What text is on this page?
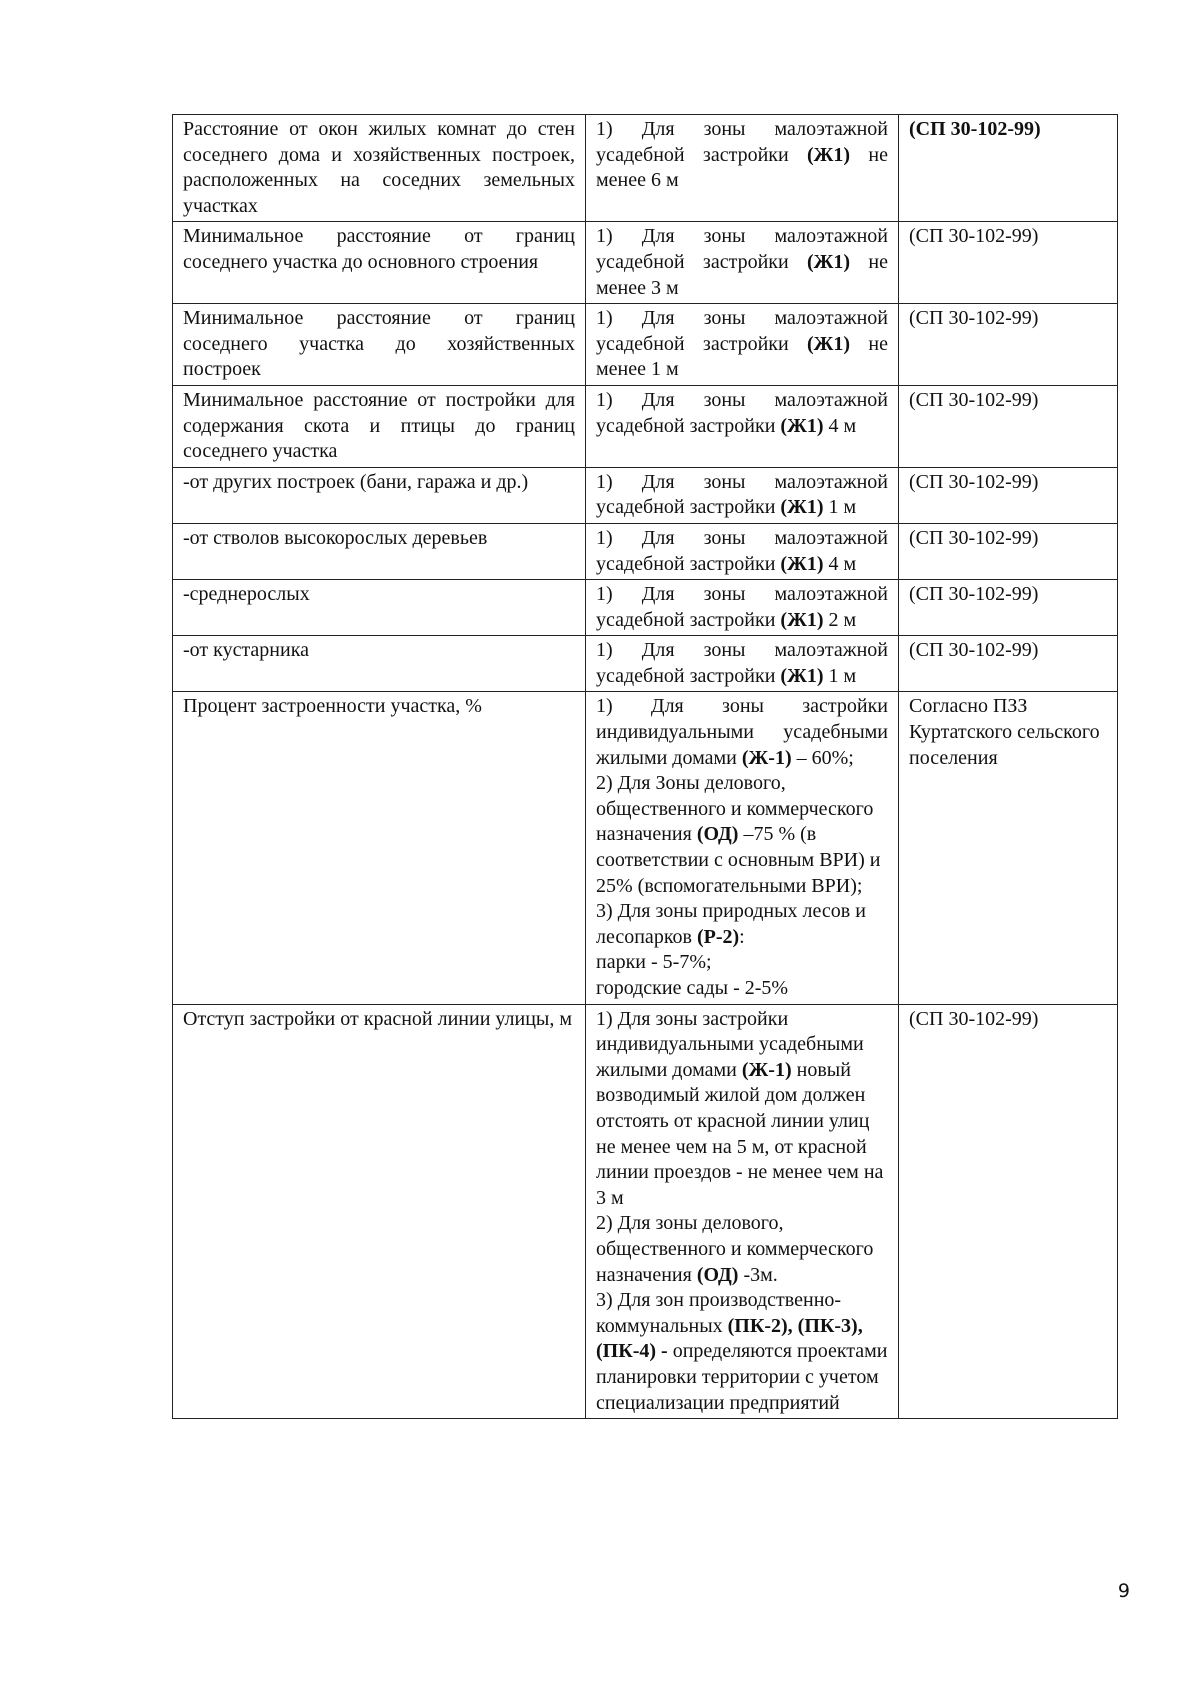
Расстояние от окон жилых комнат до стен соседнего дома и хозяйственных построек, расположенных на соседних земельных участках	1) Для зоны малоэтажной усадебной застройки (Ж1) не менее 6 м	(СП 30-102-99)
Минимальное расстояние от границ соседнего участка до основного строения	1) Для зоны малоэтажной усадебной застройки (Ж1) не менее 3 м	(СП 30-102-99)
Минимальное расстояние от границ соседнего участка до хозяйственных построек	1) Для зоны малоэтажной усадебной застройки (Ж1) не менее 1 м	(СП 30-102-99)
Минимальное расстояние от постройки для содержания скота и птицы до границ соседнего участка	1) Для зоны малоэтажной усадебной застройки (Ж1) 4 м	(СП 30-102-99)
-от других построек (бани, гаража и др.)	1) Для зоны малоэтажной усадебной застройки (Ж1) 1 м	(СП 30-102-99)
-от стволов высокорослых деревьев	1) Для зоны малоэтажной усадебной застройки (Ж1) 4 м	(СП 30-102-99)
-среднерослых	1) Для зоны малоэтажной усадебной застройки (Ж1) 2 м	(СП 30-102-99)
-от кустарника	1) Для зоны малоэтажной усадебной застройки (Ж1) 1 м	(СП 30-102-99)
Процент застроенности участка, %	1) Для зоны застройки индивидуальными усадебными жилыми домами (Ж-1) – 60%;
2) Для Зоны делового, общественного и коммерческого назначения (ОД) –75 % (в соответствии с основным ВРИ) и 25% (вспомогательными ВРИ);
3) Для зоны природных лесов и лесопарков (Р-2):
парки - 5-7%;
городские сады - 2-5%	Согласно ПЗЗ Куртатского сельского поселения
Отступ застройки от красной линии улицы, м	1) Для зоны застройки индивидуальными усадебными жилыми домами (Ж-1) новый возводимый жилой дом должен отстоять от красной линии улиц не менее чем на 5 м, от красной линии проездов - не менее чем на 3 м
2) Для зоны делового, общественного и коммерческого назначения (ОД) -3м.
3) Для зон производственно-коммунальных (ПК-2), (ПК-3), (ПК-4) - определяются проектами планировки территории с учетом специализации предприятий	(СП 30-102-99)
9
